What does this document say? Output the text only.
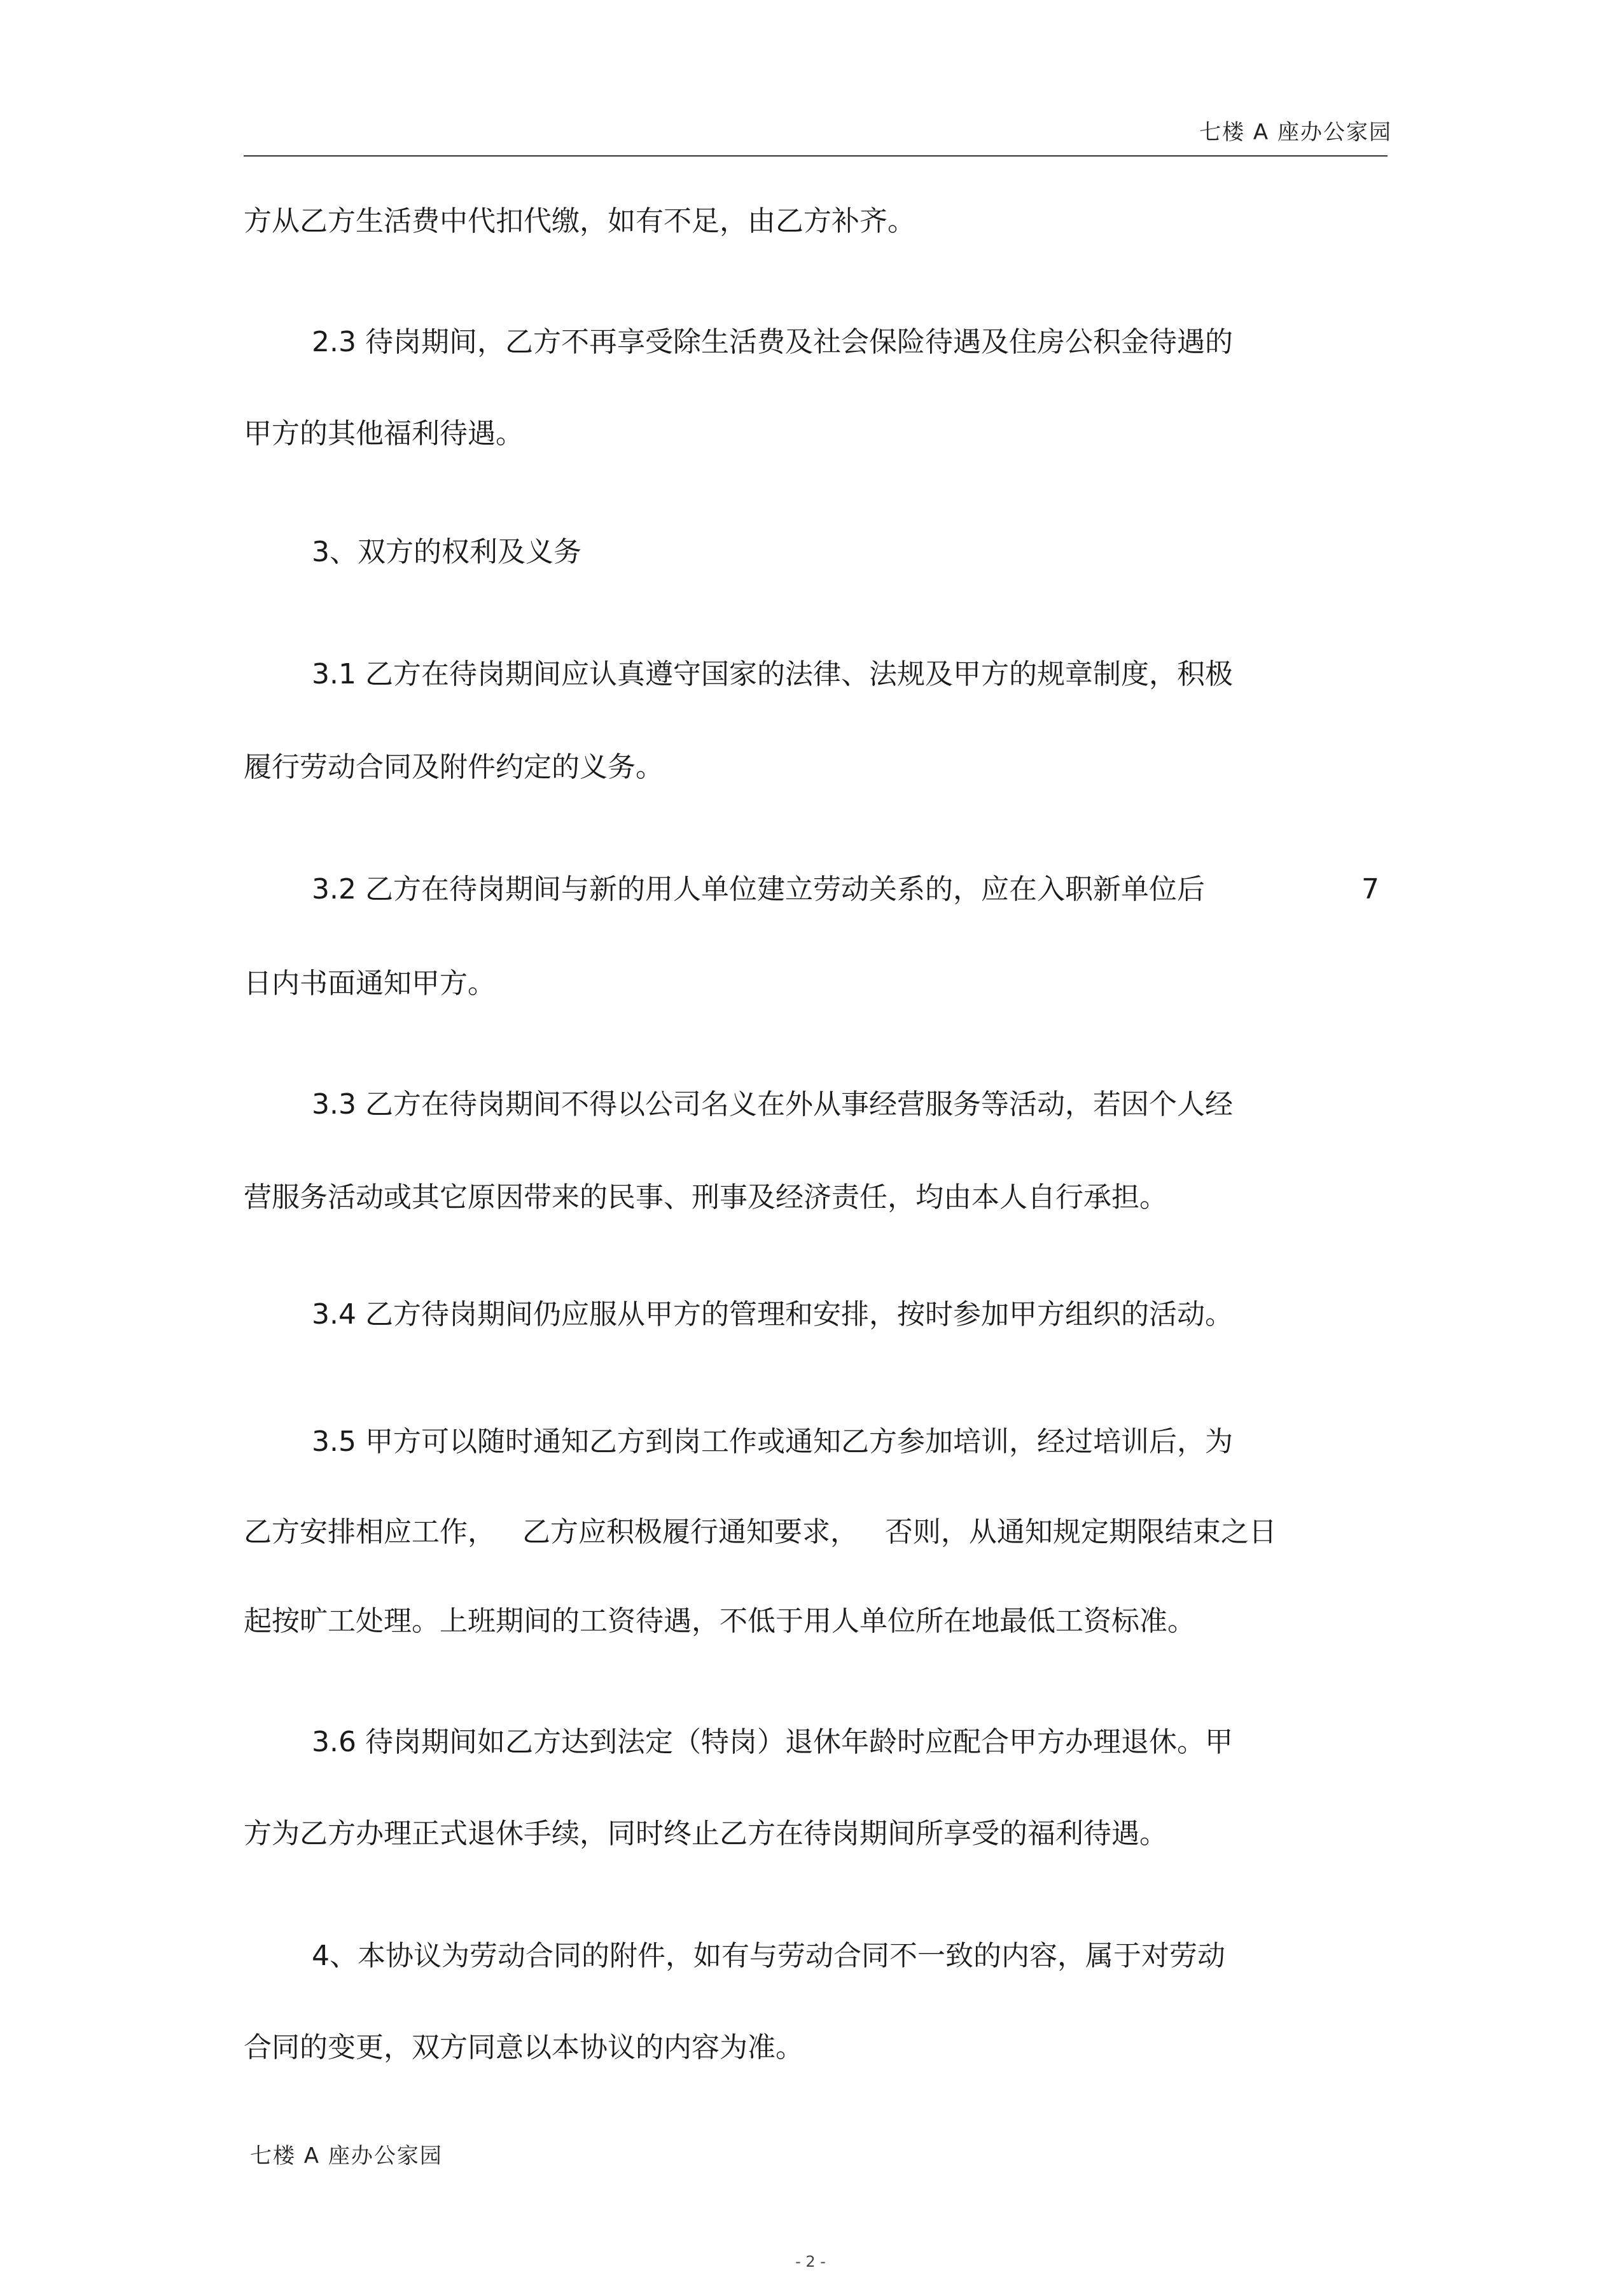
七楼 A 座办公家园
方从乙方生活费中代扣代缴，如有不足，由乙方补齐。
2.3 待岗期间，乙方不再享受除生活费及社会保险待遇及住房公积金待遇的
甲方的其他福利待遇。
3、双方的权利及义务
3.1 乙方在待岗期间应认真遵守国家的法律、法规及甲方的规章制度，积极
履行劳动合同及附件约定的义务。
3.2 乙方在待岗期间与新的用人单位建立劳动关系的，应在入职新单位后	7
日内书面通知甲方。
3.3 乙方在待岗期间不得以公司名义在外从事经营服务等活动，若因个人经
营服务活动或其它原因带来的民事、刑事及经济责任，均由本人自行承担。
3.4 乙方待岗期间仍应服从甲方的管理和安排，按时参加甲方组织的活动。
3.5 甲方可以随时通知乙方到岗工作或通知乙方参加培训，经过培训后，为
乙方安排相应工作，   乙方应积极履行通知要求，   否则，从通知规定期限结束之日
起按旷工处理。上班期间的工资待遇，不低于用人单位所在地最低工资标准。
3.6 待岗期间如乙方达到法定（特岗）退休年龄时应配合甲方办理退休。甲
方为乙方办理正式退休手续，同时终止乙方在待岗期间所享受的福利待遇。
4、本协议为劳动合同的附件，如有与劳动合同不一致的内容，属于对劳动
合同的变更，双方同意以本协议的内容为准。
七楼 A 座办公家园
- 2 -
